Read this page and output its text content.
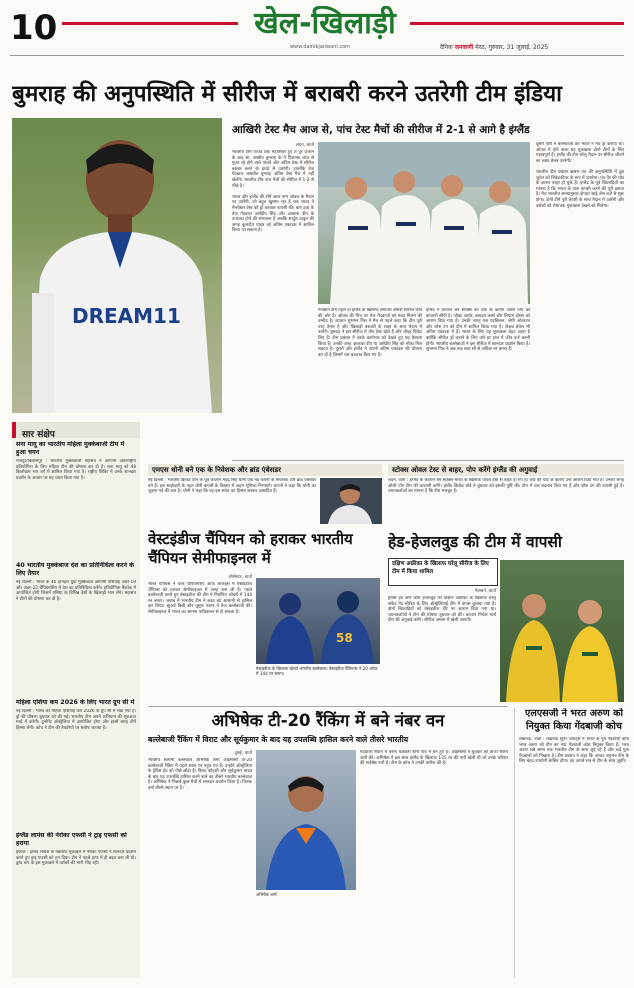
10	खेल-खिलाड़ी
www.dainikjanwani.com	दैनिक जनवाणी मेरठ, गुरुवार, 31 जुलाई, 2025
बुमराह की अनुपस्थिति में सीरीज में बराबरी करने उतरेगी टीम इंडिया
DREAM11
आखिरी टेस्ट मैच आज से, पांच टेस्ट मैचों की सीरीज में 2-1 से आगे है इंग्लैंड
लंदन, वार्ता
भारतीय टीम पांचवें टेस्ट महाशिवर हुए ते पुर ज़ाराने के बाद सा. जस्प्रीत बुमराह के ने फ़िटनस जांच से गुज़र रहे होने वाले पांचवें और अंतिम टेस्ट में सीरीज बराबर करने के इरादे से उतरेगी। हालांकि तेज गेंदबाज जसप्रीत बुमराह अंतिम टेस्ट मैच में नहीं खेलेंगे। भारतीय टीम पांच मैचों की सीरीज में 1-2 से पीछे है।

भारत और इंग्लैंड की टीमें आज नाम ओवल के मैदान पर उतरेंगी, जो बहुत खुशमा रहा है जब भारत ने मैनचेस्टर टेस्ट को ड्रॉ कराकर वापसी की। बाएं हाथ के तेज गेंदबाज अर्शदीप सिंह और आकाश दीप के उपलब्ध होने की संभावना है जबकि शार्दुल ठाकुर की जगह कुलदीप यादव को अंतिम एकादश में शामिल किया जा सकता है।
मेजबान टीम पहले ही इंग्लैंड के खिलाफ लगातार तीसरी सीरीज जीत की ओर है। ओवल की पिच पर तेज गेंदबाजों को मदद मिलने की उम्मीद है। कप्तान शुभमन गिल ने मैच से पहले कहा कि टीम पूरी तरह तैयार है और खिलाड़ी बराबरी के लक्ष्य के साथ मैदान में उतरेंगे। बुमराह ने इस सीरीज में तीन टेस्ट खेले हैं और चौदह विकेट लिए हैं। टीम प्रबंधन ने उनके कार्यभार को देखते हुए यह फैसला किया है। उनकी जगह आकाश दीप या अर्शदीप सिंह को मौका मिल सकता है। दूसरी ओर इंग्लैंड ने अपनी अंतिम एकादश की घोषणा कर दी है जिसमें चार बदलाव किए गए हैं।
इंग्लैंड ने कप्तान बेन स्टोक्स की चोट के कारण ओली पोप को कप्तानी सौंपी है। जोफ्रा आर्चर, ब्रायडन कार्स और लियाम डॉसन को आराम दिया गया है। उनकी जगह गस एटकिंसन, जेमी ओवरटन और जोश टंग को टीम में शामिल किया गया है। जैकब बेथेल भी अंतिम एकादश में हैं। भारत के लिए यह मुकाबला बेहद अहम है क्योंकि सीरीज ड्रॉ कराने के लिए उसे हर हाल में जीत दर्ज करनी होगी। भारतीय बल्लेबाजों ने इस सीरीज में शानदार प्रदर्शन किया है। शुभमन गिल ने अब तक सात सौ से अधिक रन बनाए हैं।
दूसरी पारी में बल्लेबाज़ी कर भारत ने मैच ड्रॉ कराया था। ओवल में होने वाला यह मुकाबला दोनों टीमों के लिए महत्वपूर्ण है। इंग्लैंड की टीम घरेलू मैदान पर सीरीज जीतने का लक्ष्य लेकर उतरेगी।

भारतीय टीम प्रबंधन ऋषभ पंत की अनुपस्थिति में ध्रुव जुरेल को विकेटकीपर के रूप में उतारेगा। पंत पैर की चोट के कारण बाहर हो चुके हैं। इंग्लैंड के पूर्व खिलाड़ियों का मानना है कि भारत के पास वापसी करने की पूरी क्षमता है। मैच भारतीय समयानुसार दोपहर साढ़े तीन बजे से शुरू होगा। दोनों टीमें पूरी तैयारी के साथ मैदान में उतरेंगी और दर्शकों को रोमांचक मुकाबला देखने को मिलेगा।
सार संक्षेप
सना मायू का भारतीय महिला मुक्केबाजी टीम में हुआ चयन
राजपुर/बिलासपुर : भारतीय मुक्केबाजी महासंघ ने आगामी अंतरराष्ट्रीय प्रतियोगिता के लिए महिला टीम की घोषणा कर दी है। सना मायू को 48 किलोग्राम भार वर्ग में शामिल किया गया है। राष्ट्रीय शिविर में उनके शानदार प्रदर्शन के आधार पर यह चयन किया गया है।
40 भारतीय मुक्केबाज देश का प्रतिनिधित्व करने के लिए तैयार
नई दिल्ली : भारत के 40 होनहार युवा मुक्केबाज आगामी एशियाई अंडर-19 और अंडर-22 चैंपियनशिप में देश का प्रतिनिधित्व करेंगे। प्रतियोगिता बैंकॉक में आयोजित होगी जिसमें एशिया के विभिन्न देशों के खिलाड़ी भाग लेंगे। महासंघ ने टीमों की घोषणा कर दी है।
महिला एशिया कप 2026 के लिए भारत ग्रुप सी में
नई दिल्ली : भारत को महिला एशियाई कप 2026 के ग्रुप सी में रखा गया है। ड्रॉ की घोषणा बुधवार को की गई। भारतीय टीम अपने अभियान की शुरुआत मार्च में करेगी। टूर्नामेंट ऑस्ट्रेलिया में आयोजित होगा और इसमें बारह टीमें हिस्सा लेंगी। कोच ने टीम की तैयारियों पर संतोष जताया है।
इंग्लैंड लायंस की नेरोका एफसी ने ट्राइ एफसी को हराया
इंफाल : इंग्लैंड लायंस के खिलाफ मुकाबले में नेरोका एफसी ने शानदार प्रदर्शन करते हुए ट्राइ एफसी को हरा दिया। टीम ने पहले हाफ में ही बढ़त बना ली थी। डूरंड कप के इस मुकाबले में दर्शकों की भारी भीड़ रही।
एमएस धोनी बने एक के निवेशक और ब्रांड एंबेसडर
नई दिल्ली : भारतीय क्रिकेट टीम के पूर्व कप्तान महेंद्र सिंह धोनी एक नई कंपनी के निवेशक और ब्रांड एंबेसडर बने हैं। इस साझेदारी के तहत धोनी कंपनी के विस्तार में अहम भूमिका निभाएंगे। कंपनी ने कहा कि धोनी का जुड़ना गर्व की बात है। धोनी ने कहा कि वह इस सफर का हिस्सा बनकर उत्साहित हैं।
स्टोक्स ओवल टेस्ट से बाहर, पोप करेंगे इंग्लैंड की अगुवाई
लंदन, वार्ता : इंग्लैंड के कप्तान बेन स्टोक्स भारत के खिलाफ पांचवें टेस्ट से बाहर हो गए हैं। कंधे की चोट के कारण उन्हें आराम दिया गया है। उनकी जगह ओली पोप टीम की कप्तानी करेंगे। इंग्लैंड क्रिकेट बोर्ड ने बुधवार को इसकी पुष्टि की। टीम में चार बदलाव किए गए हैं और जोश टंग की वापसी हुई है। चयनकर्ताओं का मानना है कि टीम मजबूत है।
वेस्टइंडीज चैंपियन को हराकर भारतीय चैंपियन सेमीफाइनल में
लीसेस्टर, वार्ता
भारत चैंपियंस ने वर्ल्ड चैंपियनशिप ऑफ लीजेंड्स में वेस्टइंडीज चैंपियंस को हराकर सेमीफाइनल में जगह बना ली है। पहले बल्लेबाजी करते हुए वेस्टइंडीज की टीम ने निर्धारित ओवरों में 144 रन बनाए। जवाब में भारतीय टीम ने लक्ष्य को आसानी से हासिल कर लिया। स्टुअर्ट बिन्नी और यूसुफ पठान ने तेज बल्लेबाजी की। सेमीफाइनल में भारत का सामना पाकिस्तान से हो सकता है।
58
वेस्टइंडीज के खिलाफ खेलते भारतीय बल्लेबाज। वेस्टइंडीज चैंपियन्स ने 20 ओवर में 144 रन बनाए।
हेड-हेजलवुड की टीम में वापसी
दक्षिण अफ्रीका के खिलाफ घरेलू सीरीज के लिए टीम में किया शामिल
मेलबर्न, वार्ता
ट्रेविस हेड और जोश हेजलवुड को दक्षिण अफ्रीका के खिलाफ घरेलू सफेद गेंद सीरीज के लिए ऑस्ट्रेलियाई टीम में वापस बुलाया गया है। दोनों खिलाड़ियों को वेस्टइंडीज दौरे पर आराम दिया गया था। चयनकर्ताओं ने टीम की घोषणा बुधवार को की। कप्तान मिचेल मार्श टीम की अगुवाई करेंगे। सीरीज अगस्त में खेली जाएगी।
अभिषेक टी-20 रैंकिंग में बने नंबर वन
बल्लेबाजी रैंकिंग में विराट और सूर्यकुमार के बाद यह उपलब्धि हासिल करने वाले तीसरे भारतीय
दुबई, वार्ता
भारतीय सलामी बल्लेबाज अभिषेक शर्मा आईसीसी टी-20 बल्लेबाजी रैंकिंग में पहले स्थान पर पहुंच गए हैं। उन्होंने ऑस्ट्रेलिया के ट्रेविस हेड को पीछे छोड़ा है। विराट कोहली और सूर्यकुमार यादव के बाद यह उपलब्धि हासिल करने वाले वह तीसरे भारतीय बल्लेबाज हैं। अभिषेक ने पिछले कुछ मैचों में शानदार प्रदर्शन किया है। तिलक वर्मा तीसरे स्थान पर हैं।
अभिषेक शर्मा
गेंदबाजी रैंकिंग में वरुण चक्रवर्ती शीर्ष पांच में बने हुए हैं। आईसीसी ने बुधवार को ताजा रैंकिंग जारी की। अभिषेक ने इस साल इंग्लैंड के खिलाफ 135 रन की पारी खेली थी जो उनके करियर की सर्वश्रेष्ठ पारी है। टीम के कोच ने उनकी तारीफ की है।
एलएसजी ने भरत अरुण को नियुक्त किया गेंदबाजी कोच
लखनऊ, वार्ता : लखनऊ सुपर जायंट्स ने भारत के पूर्व गेंदबाजी कोच भरत अरुण को टीम का नया गेंदबाजी कोच नियुक्त किया है। भरत अरुण लंबे समय तक भारतीय टीम के साथ जुड़े रहे हैं और कई युवा गेंदबाजों को निखारा है। टीम प्रबंधन ने कहा कि उनका अनुभव टीम के लिए बेहद उपयोगी साबित होगा। वह अगले सत्र से टीम के साथ जुड़ेंगे।
